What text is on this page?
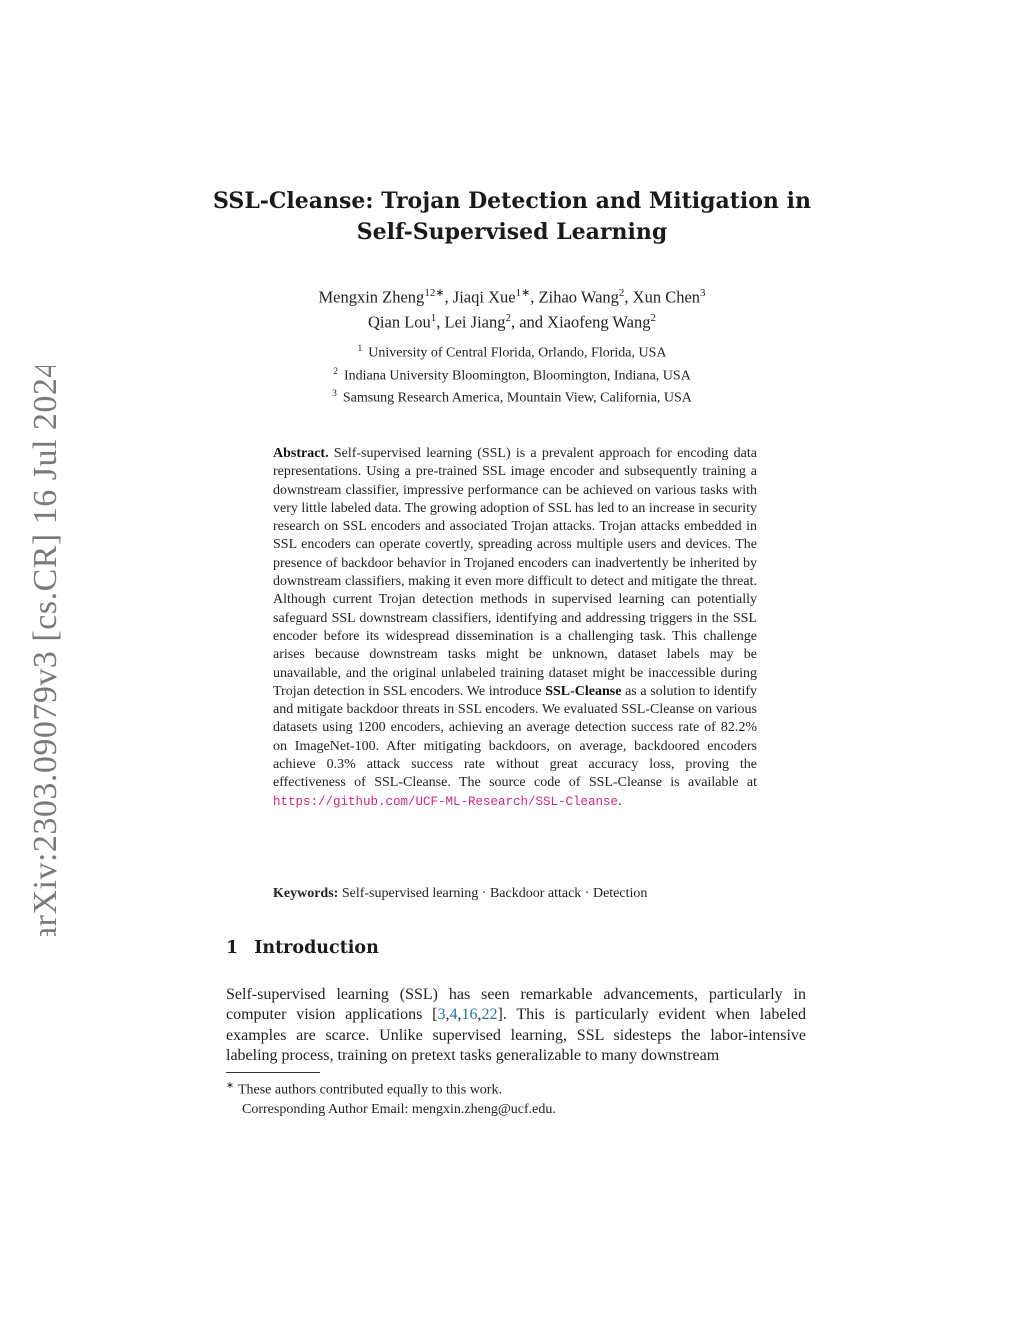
arXiv:2303.09079v3 [cs.CR] 16 Jul 2024
SSL-Cleanse: Trojan Detection and Mitigation in
Self-Supervised Learning
Mengxin Zheng$^{12∗}$, Jiaqi Xue$^{1∗}$, Zihao Wang$^2$, Xun Chen$^3$
Qian Lou$^1$, Lei Jiang$^2$, and Xiaofeng Wang$^2$
$^1$ University of Central Florida, Orlando, Florida, USA
$^2$ Indiana University Bloomington, Bloomington, Indiana, USA
$^3$ Samsung Research America, Mountain View, California, USA
Abstract. Self-supervised learning (SSL) is a prevalent approach for encoding data representations. Using a pre-trained SSL image encoder and subsequently training a downstream classifier, impressive performance can be achieved on various tasks with very little labeled data. The growing adoption of SSL has led to an increase in security research on SSL encoders and associated Trojan attacks. Trojan attacks embedded in SSL encoders can operate covertly, spreading across multiple users and devices. The presence of backdoor behavior in Trojaned encoders can inadvertently be inherited by downstream classifiers, making it even more difficult to detect and mitigate the threat. Although current Trojan detection methods in supervised learning can potentially safeguard SSL downstream classifiers, identifying and addressing triggers in the SSL encoder before its widespread dissemination is a challenging task. This challenge arises because downstream tasks might be unknown, dataset labels may be unavailable, and the original unlabeled training dataset might be inaccessible during Trojan detection in SSL encoders. We introduce SSL-Cleanse as a solution to identify and mitigate backdoor threats in SSL encoders. We evaluated SSL-Cleanse on various datasets using 1200 encoders, achieving an average detection success rate of 82.2% on ImageNet-100. After mitigating backdoors, on average, backdoored encoders achieve 0.3% attack success rate without great accuracy loss, proving the effectiveness of SSL-Cleanse. The source code of SSL-Cleanse is available at https://github.com/UCF-ML-Research/SSL-Cleanse.
Keywords: Self-supervised learning · Backdoor attack · Detection
1 Introduction
Self-supervised learning (SSL) has seen remarkable advancements, particularly in computer vision applications [3,4,16,22]. This is particularly evident when labeled examples are scarce. Unlike supervised learning, SSL sidesteps the labor-intensive labeling process, training on pretext tasks generalizable to many downstream
∗ These authors contributed equally to this work.
Corresponding Author Email: mengxin.zheng@ucf.edu.
